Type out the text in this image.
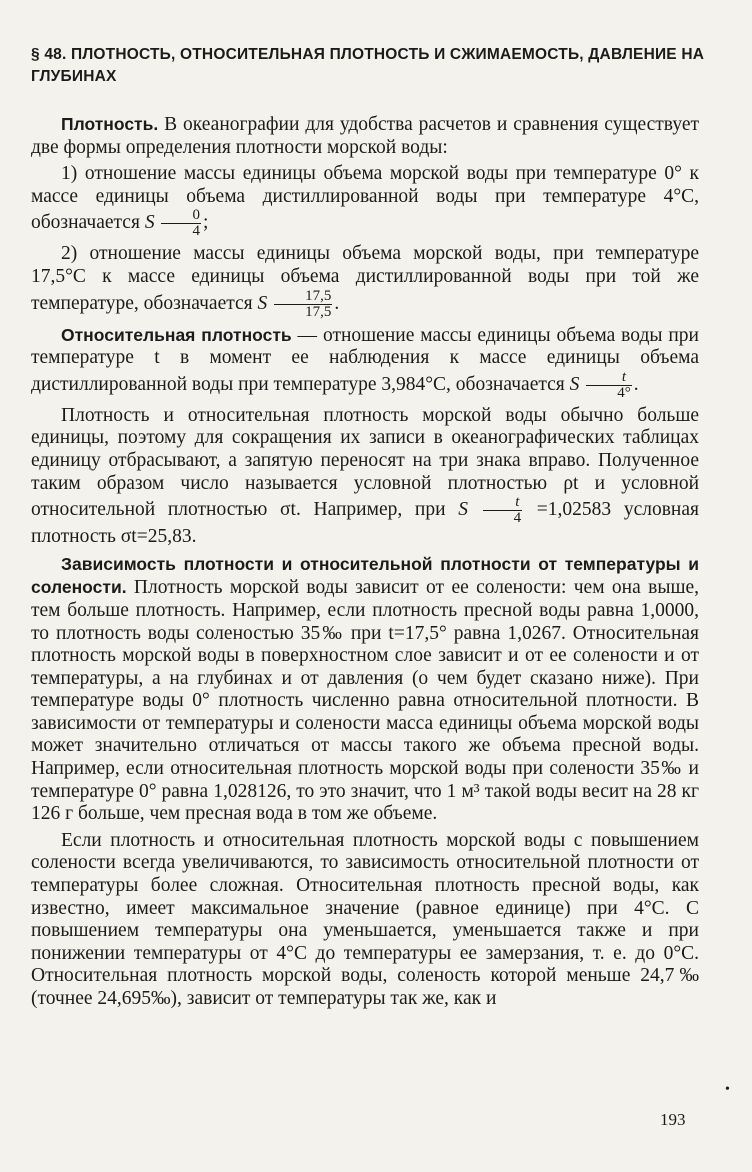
§ 48. ПЛОТНОСТЬ, ОТНОСИТЕЛЬНАЯ ПЛОТНОСТЬ И СЖИМАЕМОСТЬ, ДАВЛЕНИЕ НА ГЛУБИНАХ

Плотность. В океанографии для удобства расчетов и сравнения существует две формы определения плотности морской воды:

1) отношение массы единицы объема морской воды при температуре 0° к массе единицы объема дистиллированной воды при температуре 4°С, обозначается S $\frac{0}{4}$ ;

2) отношение массы единицы объема морской воды, при температуре 17,5°С к массе единицы объема дистиллированной воды при той же температуре, обозначается S $\frac{17,5}{17,5}$ .

Относительная плотность — отношение массы единицы объема воды при температуре t в момент ее наблюдения к массе единицы объема дистиллированной воды при температуре 3,984°С, обозначается S $\frac{t}{4^\circ}$ .

Плотность и относительная плотность морской воды обычно больше единицы, поэтому для сокращения их записи в океанографических таблицах единицу отбрасывают, а запятую переносят на три знака вправо. Полученное таким образом число называется условной плотностью ρt и условной относительной плотностью σt. Например, при S $\frac{t}{4} =1,02583$ условная плотность σt=25,83.

Зависимость плотности и относительной плотности от температуры и солености. Плотность морской воды зависит от ее солености: чем она выше, тем больше плотность. Например, если плотность пресной воды равна 1,0000, то плотность воды соленостью 35‰ при t=17,5° равна 1,0267. Относительная плотность морской воды в поверхностном слое зависит и от ее солености и от температуры, а на глубинах и от давления (о чем будет сказано ниже). При температуре воды 0° плотность численно равна относительной плотности. В зависимости от температуры и солености масса единицы объема морской воды может значительно отличаться от массы такого же объема пресной воды. Например, если относительная плотность морской воды при солености 35‰ и температуре 0° равна 1,028126, то это значит, что 1 м³ такой воды весит на 28 кг 126 г больше, чем пресная вода в том же объеме.

Если плотность и относительная плотность морской воды с повышением солености всегда увеличиваются, то зависимость относительной плотности от температуры более сложная. Относительная плотность пресной воды, как известно, имеет максимальное значение (равное единице) при 4°С. С повышением температуры она уменьшается, уменьшается также и при понижении температуры от 4°С до температуры ее замерзания, т. е. до 0°С. Относительная плотность морской воды, соленость которой меньше 24,7‰ (точнее 24,695‰), зависит от температуры так же, как и

•
193
